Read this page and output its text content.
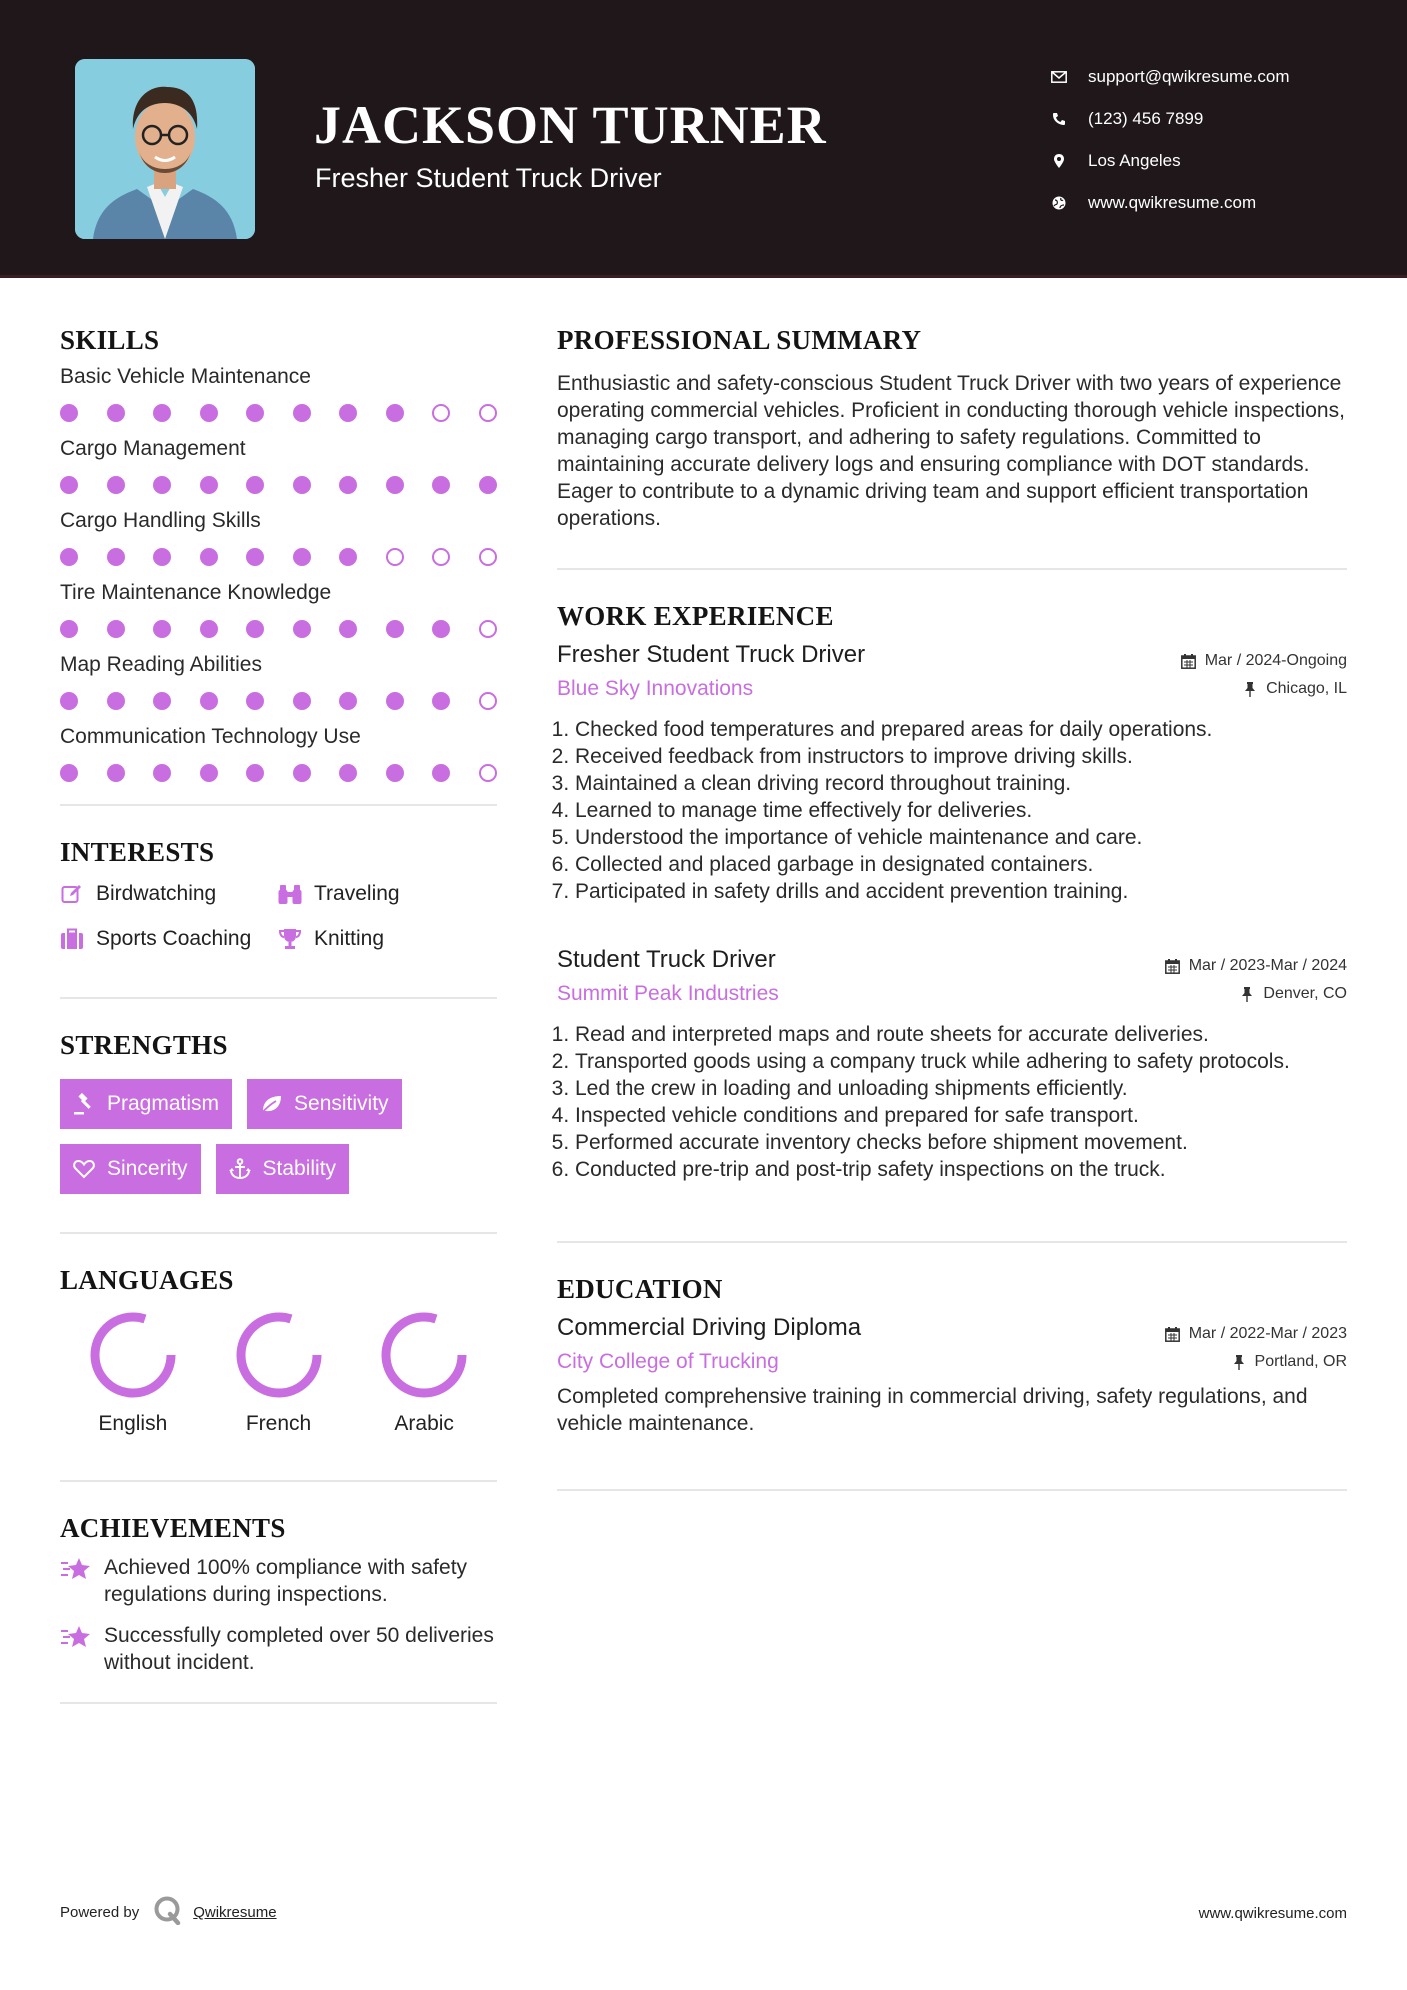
JACKSON TURNER
Fresher Student Truck Driver
support@qwikresume.com
(123) 456 7899
Los Angeles
www.qwikresume.com
SKILLS
Basic Vehicle Maintenance
Cargo Management
Cargo Handling Skills
Tire Maintenance Knowledge
Map Reading Abilities
Communication Technology Use
INTERESTS
Birdwatching	Traveling
Sports Coaching	Knitting
STRENGTHS
Pragmatism	Sensitivity
Sincerity	Stability
LANGUAGES
English	French	Arabic
ACHIEVEMENTS
Achieved 100% compliance with safety regulations during inspections.
Successfully completed over 50 deliveries without incident.
PROFESSIONAL SUMMARY

Enthusiastic and safety-conscious Student Truck Driver with two years of experience operating commercial vehicles. Proficient in conducting thorough vehicle inspections, managing cargo transport, and adhering to safety regulations. Committed to maintaining accurate delivery logs and ensuring compliance with DOT standards. Eager to contribute to a dynamic driving team and support efficient transportation operations.

WORK EXPERIENCE
Fresher Student Truck Driver	Mar / 2024-Ongoing
Blue Sky Innovations	Chicago, IL
1. Checked food temperatures and prepared areas for daily operations.
2. Received feedback from instructors to improve driving skills.
3. Maintained a clean driving record throughout training.
4. Learned to manage time effectively for deliveries.
5. Understood the importance of vehicle maintenance and care.
6. Collected and placed garbage in designated containers.
7. Participated in safety drills and accident prevention training.
Student Truck Driver	Mar / 2023-Mar / 2024
Summit Peak Industries	Denver, CO
1. Read and interpreted maps and route sheets for accurate deliveries.
2. Transported goods using a company truck while adhering to safety protocols.
3. Led the crew in loading and unloading shipments efficiently.
4. Inspected vehicle conditions and prepared for safe transport.
5. Performed accurate inventory checks before shipment movement.
6. Conducted pre-trip and post-trip safety inspections on the truck.
EDUCATION
Commercial Driving Diploma	Mar / 2022-Mar / 2023
City College of Trucking	Portland, OR

Completed comprehensive training in commercial driving, safety regulations, and vehicle maintenance.

Powered by	Qwikresume	www.qwikresume.com
